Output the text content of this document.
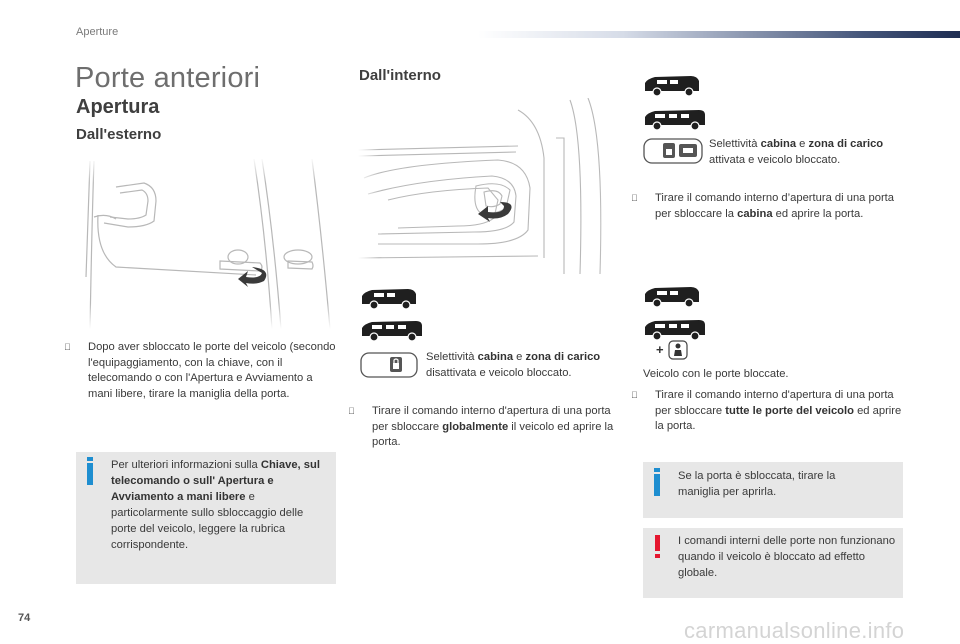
Aperture
Porte anteriori
Apertura
Dall'esterno
Dopo aver sbloccato le porte del veicolo (secondo l'equipaggiamento, con la chiave, con il telecomando o con l'Apertura e Avviamento a mani libere, tirare la maniglia della porta.
Per ulteriori informazioni sulla Chiave, sul telecomando o sull' Apertura e Avviamento a mani libere e particolarmente sullo sbloccaggio delle porte del veicolo, leggere la rubrica corrispondente.
Dall'interno
Selettività cabina e zona di carico
disattivata e veicolo bloccato.
Tirare il comando interno d'apertura di una porta per sbloccare globalmente il veicolo ed aprire la porta.
Selettività cabina e zona di carico
attivata e veicolo bloccato.
Tirare il comando interno d’apertura di una porta per sbloccare la cabina ed aprire la porta.
+
Veicolo con le porte bloccate.
Tirare il comando interno d'apertura di una porta per sbloccare tutte le porte del veicolo ed aprire la porta.
Se la porta è sbloccata, tirare la maniglia per aprirla.
I comandi interni delle porte non funzionano quando il veicolo è bloccato ad effetto globale.
74	carmanualsonline.info
